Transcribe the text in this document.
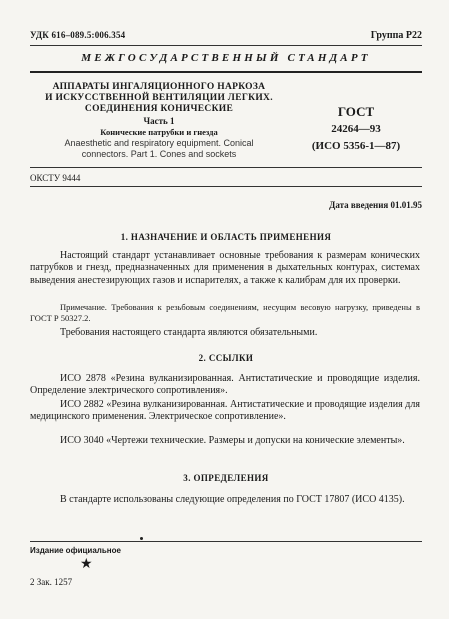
УДК 616–089.5:006.354	Группа Р22
МЕЖГОСУДАРСТВЕННЫЙ СТАНДАРТ
АППАРАТЫ ИНГАЛЯЦИОННОГО НАРКОЗА
И ИСКУССТВЕННОЙ ВЕНТИЛЯЦИИ ЛЕГКИХ.
СОЕДИНЕНИЯ КОНИЧЕСКИЕ
Часть 1
Конические патрубки и гнезда
Anaesthetic and respiratory equipment. Conical
connectors. Part 1. Cones and sockets
ГОСТ
24264—93
(ИСО 5356-1—87)
ОКСТУ 9444
Дата введения 01.01.95
1. НАЗНАЧЕНИЕ И ОБЛАСТЬ ПРИМЕНЕНИЯ
Настоящий стандарт устанавливает основные требования к размерам конических патрубков и гнезд, предназначенных для применения в дыхательных контурах, системах выведения анестезирующих газов и испарителях, а также к калибрам для их проверки.
Примечание. Требования к резьбовым соединениям, несущим весовую нагрузку, приведены в ГОСТ Р 50327.2.
Требования настоящего стандарта являются обязательными.
2. ССЫЛКИ
ИСО 2878 «Резина вулканизированная. Антистатические и проводящие изделия. Определение электрического сопротивления».
ИСО 2882 «Резина вулканизированная. Антистатические и проводящие изделия для медицинского применения. Электрическое сопротивление».
ИСО 3040 «Чертежи технические. Размеры и допуски на конические элементы».
3. ОПРЕДЕЛЕНИЯ
В стандарте использованы следующие определения по ГОСТ 17807 (ИСО 4135).
Издание официальное
★
2 Зак. 1257
